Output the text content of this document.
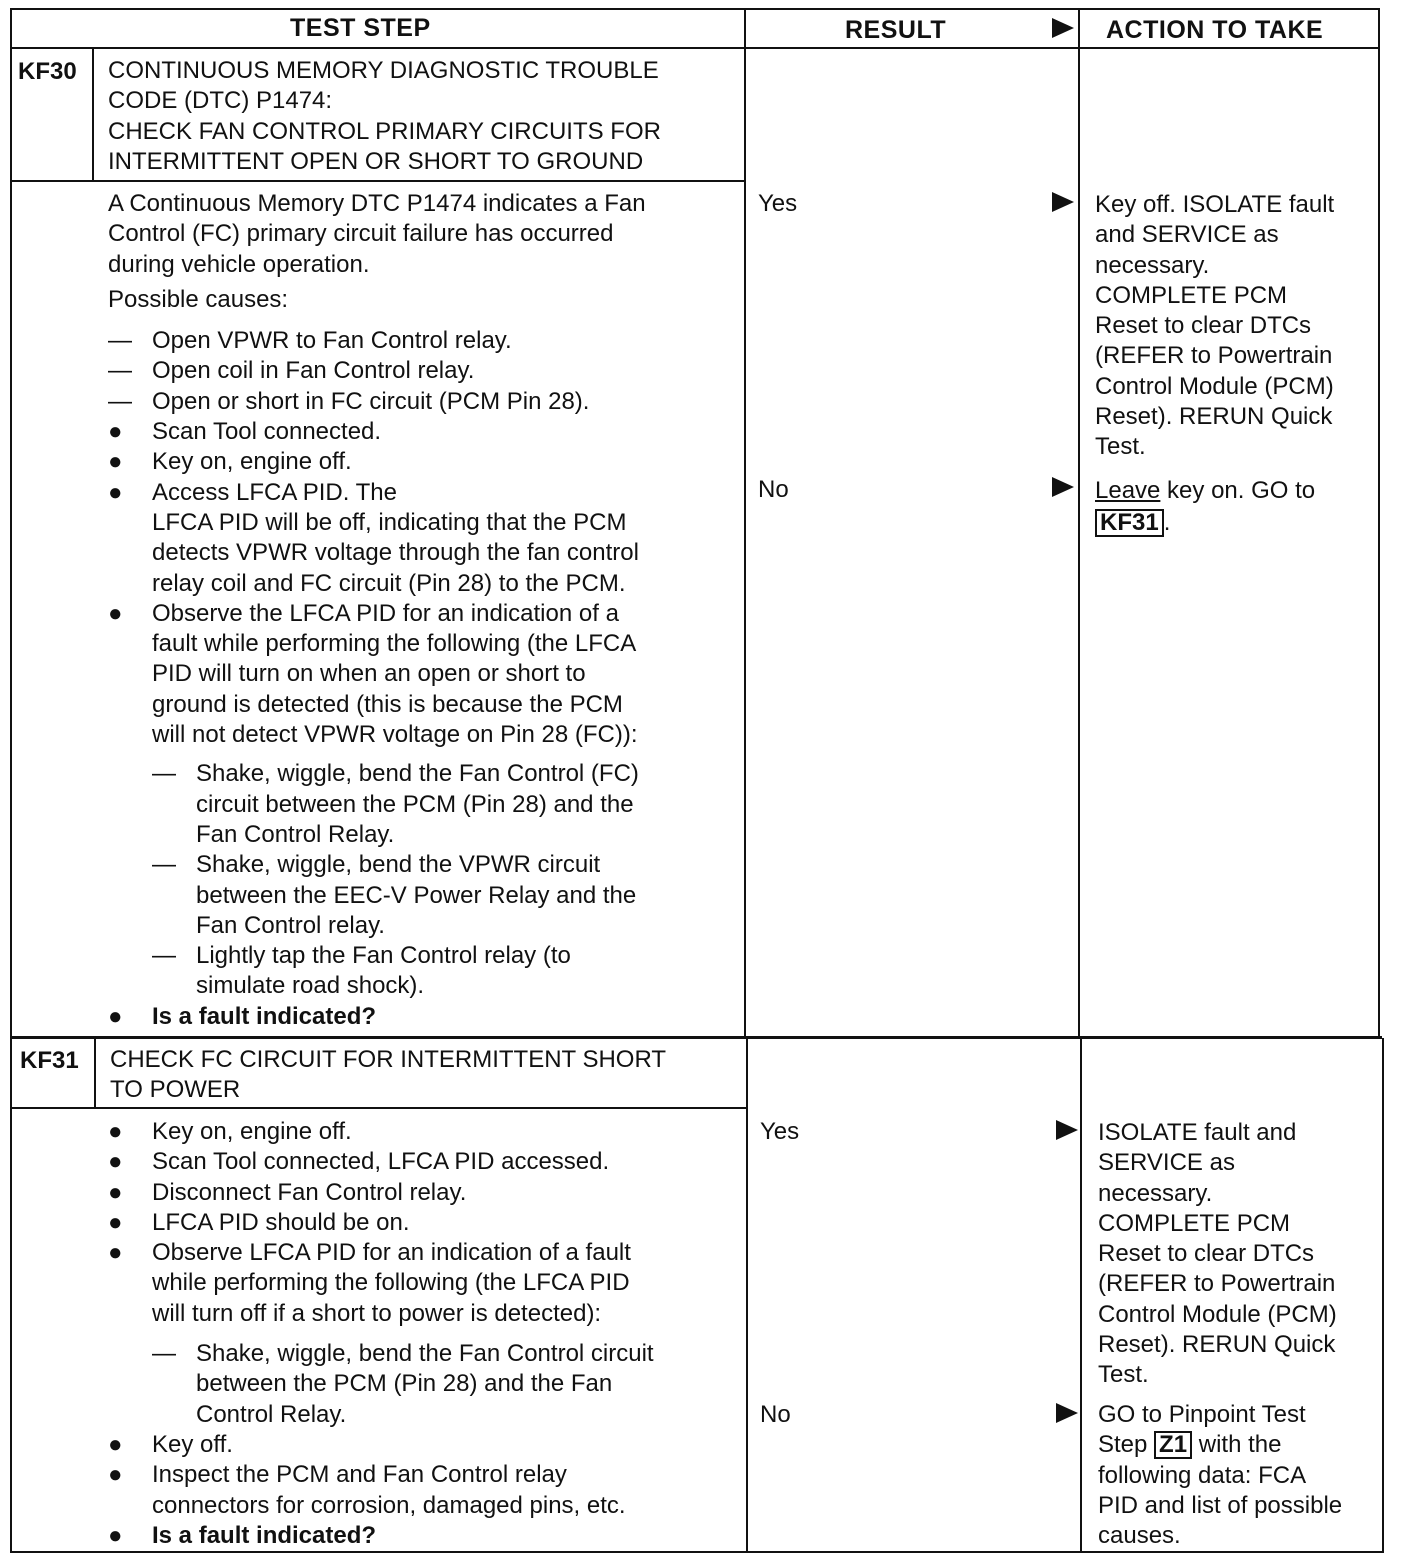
TEST STEP	RESULT	ACTION TO TAKE
KF30 CONTINUOUS MEMORY DIAGNOSTIC TROUBLE
CODE (DTC) P1474:
CHECK FAN CONTROL PRIMARY CIRCUITS FOR
INTERMITTENT OPEN OR SHORT TO GROUND
A Continuous Memory DTC P1474 indicates a Fan
Control (FC) primary circuit failure has occurred
during vehicle operation.
Possible causes:
— Open VPWR to Fan Control relay.
— Open coil in Fan Control relay.
— Open or short in FC circuit (PCM Pin 28).
● Scan Tool connected.
● Key on, engine off.
● Access LFCA PID. The
LFCA PID will be off, indicating that the PCM
detects VPWR voltage through the fan control
relay coil and FC circuit (Pin 28) to the PCM.
● Observe the LFCA PID for an indication of a
fault while performing the following (the LFCA
PID will turn on when an open or short to
ground is detected (this is because the PCM
will not detect VPWR voltage on Pin 28 (FC)):
— Shake, wiggle, bend the Fan Control (FC)
circuit between the PCM (Pin 28) and the
Fan Control Relay.
— Shake, wiggle, bend the VPWR circuit
between the EEC-V Power Relay and the
Fan Control relay.
— Lightly tap the Fan Control relay (to
simulate road shock).
● Is a fault indicated?
Yes
No
Key off. ISOLATE fault
and SERVICE as
necessary.
COMPLETE PCM
Reset to clear DTCs
(REFER to Powertrain
Control Module (PCM)
Reset). RERUN Quick
Test.
Leave key on. GO to
KF31 .
KF31 CHECK FC CIRCUIT FOR INTERMITTENT SHORT
TO POWER
● Key on, engine off.
● Scan Tool connected, LFCA PID accessed.
● Disconnect Fan Control relay.
● LFCA PID should be on.
● Observe LFCA PID for an indication of a fault
while performing the following (the LFCA PID
will turn off if a short to power is detected):
— Shake, wiggle, bend the Fan Control circuit
between the PCM (Pin 28) and the Fan
Control Relay.
● Key off.
● Inspect the PCM and Fan Control relay
connectors for corrosion, damaged pins, etc.
● Is a fault indicated?
Yes
No
ISOLATE fault and
SERVICE as
necessary.
COMPLETE PCM
Reset to clear DTCs
(REFER to Powertrain
Control Module (PCM)
Reset). RERUN Quick
Test.
GO to Pinpoint Test
Step Z1 with the
following data: FCA
PID and list of possible
causes.
